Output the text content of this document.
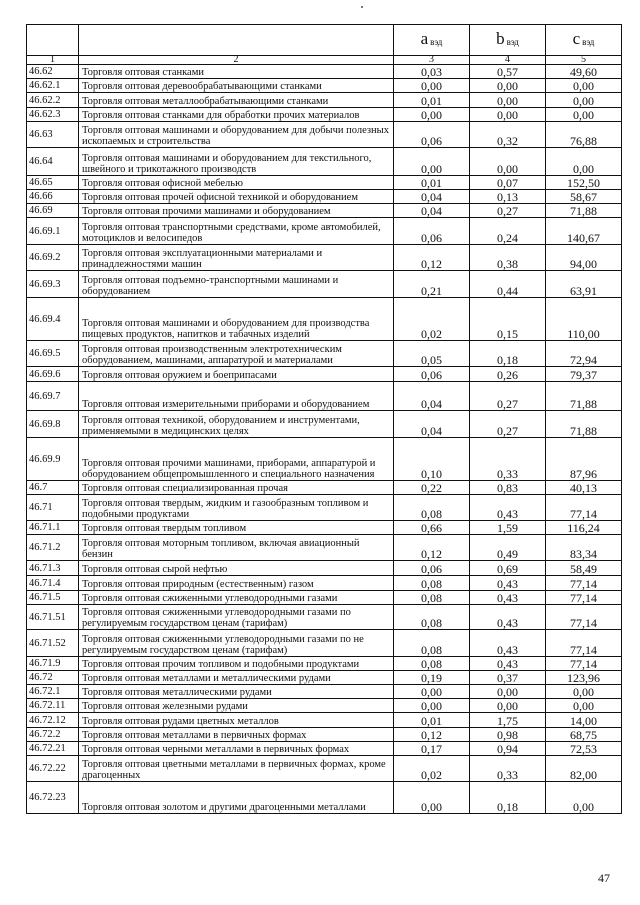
		a $_{вэд}$	b $_{вэд}$	c $_{вэд}$
1	2	3	4	5
46.62	Торговля оптовая станками	0,03	0,57	49,60
46.62.1	Торговля оптовая деревообрабатывающими станками	0,00	0,00	0,00
46.62.2	Торговля оптовая металлообрабатывающими станками	0,01	0,00	0,00
46.62.3	Торговля оптовая станками для обработки прочих материалов	0,00	0,00	0,00
46.63	Торговля оптовая машинами и оборудованием для добычи полезных ископаемых и строительства	0,06	0,32	76,88
46.64	Торговля оптовая машинами и оборудованием для текстильного, швейного и трикотажного производств	0,00	0,00	0,00
46.65	Торговля оптовая офисной мебелью	0,01	0,07	152,50
46.66	Торговля оптовая прочей офисной техникой и оборудованием	0,04	0,13	58,67
46.69	Торговля оптовая прочими машинами и оборудованием	0,04	0,27	71,88
46.69.1	Торговля оптовая транспортными средствами, кроме автомобилей, мотоциклов и велосипедов	0,06	0,24	140,67
46.69.2	Торговля оптовая эксплуатационными материалами и принадлежностями машин	0,12	0,38	94,00
46.69.3	Торговля оптовая подъемно-транспортными машинами и оборудованием	0,21	0,44	63,91
46.69.4	Торговля оптовая машинами и оборудованием для производства пищевых продуктов, напитков и табачных изделий	0,02	0,15	110,00
46.69.5	Торговля оптовая производственным электротехническим оборудованием, машинами, аппаратурой и материалами	0,05	0,18	72,94
46.69.6	Торговля оптовая оружием и боеприпасами	0,06	0,26	79,37
46.69.7	Торговля оптовая измерительными приборами и оборудованием	0,04	0,27	71,88
46.69.8	Торговля оптовая техникой, оборудованием и инструментами, применяемыми в медицинских целях	0,04	0,27	71,88
46.69.9	Торговля оптовая прочими машинами, приборами, аппаратурой и оборудованием общепромышленного и специального назначения	0,10	0,33	87,96
46.7	Торговля оптовая специализированная прочая	0,22	0,83	40,13
46.71	Торговля оптовая твердым, жидким и газообразным топливом и подобными продуктами	0,08	0,43	77,14
46.71.1	Торговля оптовая твердым топливом	0,66	1,59	116,24
46.71.2	Торговля оптовая моторным топливом, включая авиационный бензин	0,12	0,49	83,34
46.71.3	Торговля оптовая сырой нефтью	0,06	0,69	58,49
46.71.4	Торговля оптовая природным (естественным) газом	0,08	0,43	77,14
46.71.5	Торговля оптовая сжиженными углеводородными газами	0,08	0,43	77,14
46.71.51	Торговля оптовая сжиженными углеводородными газами по регулируемым государством ценам (тарифам)	0,08	0,43	77,14
46.71.52	Торговля оптовая сжиженными углеводородными газами по не регулируемым государством ценам (тарифам)	0,08	0,43	77,14
46.71.9	Торговля оптовая прочим топливом и подобными продуктами	0,08	0,43	77,14
46.72	Торговля оптовая металлами и металлическими рудами	0,19	0,37	123,96
46.72.1	Торговля оптовая металлическими рудами	0,00	0,00	0,00
46.72.11	Торговля оптовая железными рудами	0,00	0,00	0,00
46.72.12	Торговля оптовая рудами цветных металлов	0,01	1,75	14,00
46.72.2	Торговля оптовая металлами в первичных формах	0,12	0,98	68,75
46.72.21	Торговля оптовая черными металлами в первичных формах	0,17	0,94	72,53
46.72.22	Торговля оптовая цветными металлами в первичных формах, кроме драгоценных	0,02	0,33	82,00
46.72.23	Торговля оптовая золотом и другими драгоценными металлами	0,00	0,18	0,00
47
